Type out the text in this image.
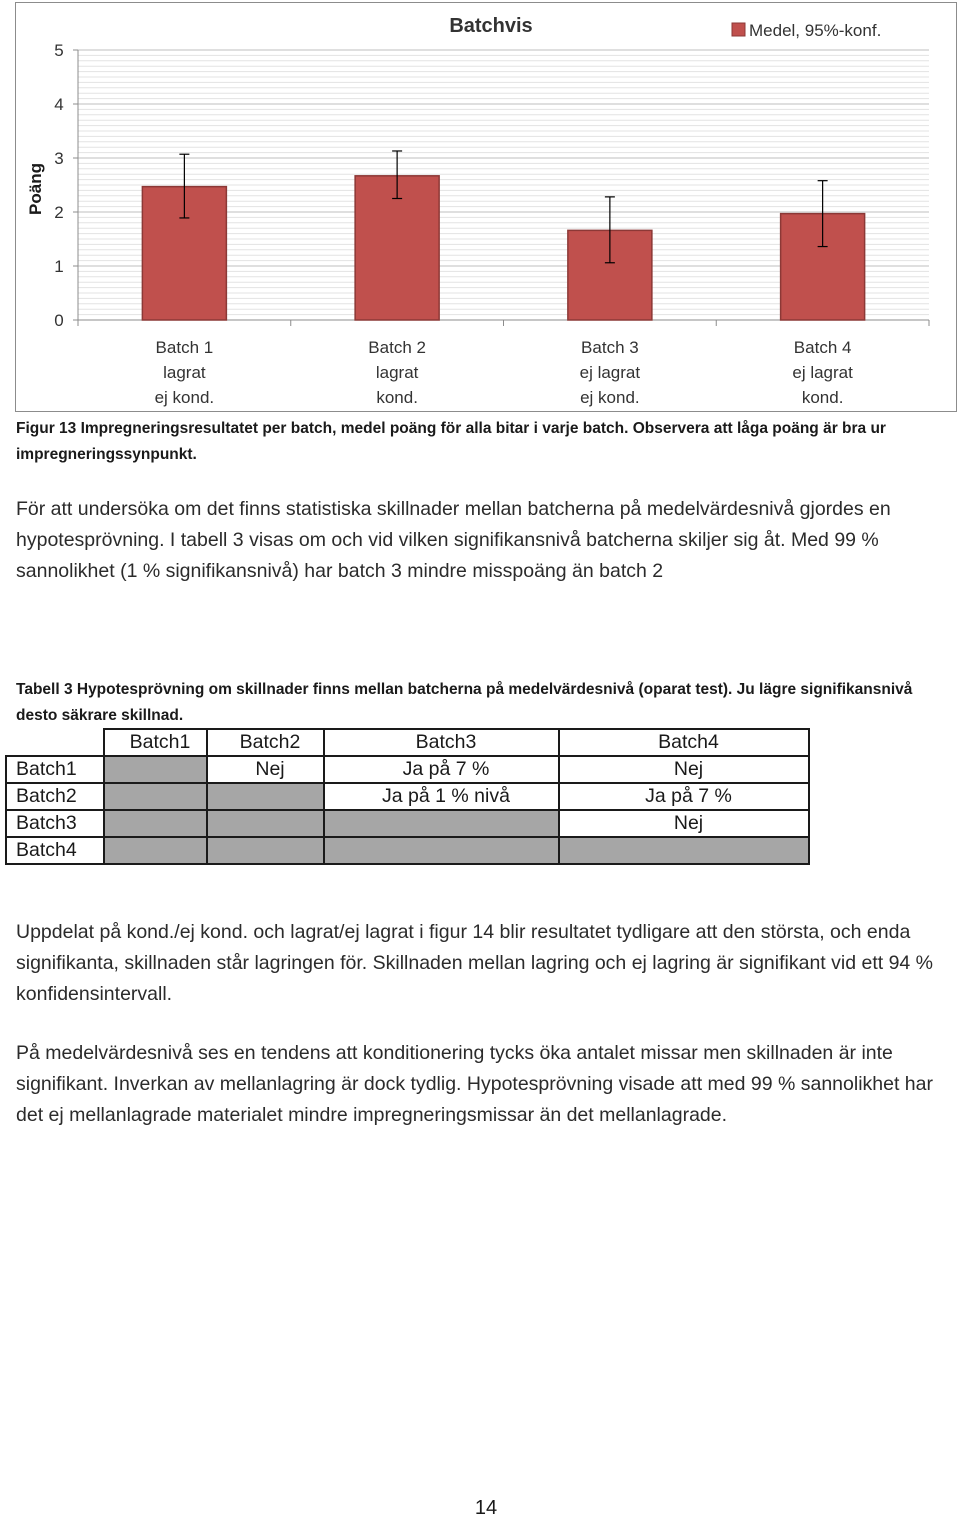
0
1
2
3
4
5
Batch 1
lagrat
ej kond.
Batch 2
lagrat
kond.
Batch 3
ej lagrat
ej kond.
Batch 4
ej lagrat
kond.
Batchvis
Poäng
Medel, 95%-konf.
Figur 13 Impregneringsresultatet per batch, medel poäng för alla bitar i varje batch. Observera att låga poäng är bra ur impregneringssynpunkt.
För att undersöka om det finns statistiska skillnader mellan batcherna på medelvärdesnivå gjordes en hypotesprövning. I tabell 3 visas om och vid vilken signifikansnivå batcherna skiljer sig åt. Med 99 % sannolikhet (1 % signifikansnivå) har batch 3 mindre misspoäng än batch 2
Tabell 3 Hypotesprövning om skillnader finns mellan batcherna på medelvärdesnivå (oparat test). Ju lägre signifikansnivå desto säkrare skillnad.
	Batch1	Batch2	Batch3	Batch4
Batch1		Nej	Ja på 7 %	Nej
Batch2			Ja på 1 % nivå	Ja på 7 %
Batch3				Nej
Batch4				
Uppdelat på kond./ej kond. och lagrat/ej lagrat i figur 14 blir resultatet tydligare att den största, och enda signifikanta, skillnaden står lagringen för. Skillnaden mellan lagring och ej lagring är signifikant vid ett 94 % konfidensintervall.
På medelvärdesnivå ses en tendens att konditionering tycks öka antalet missar men skillnaden är inte signifikant. Inverkan av mellanlagring är dock tydlig. Hypotesprövning visade att med 99 % sannolikhet har det ej mellanlagrade materialet mindre impregneringsmissar än det mellanlagrade.
14
